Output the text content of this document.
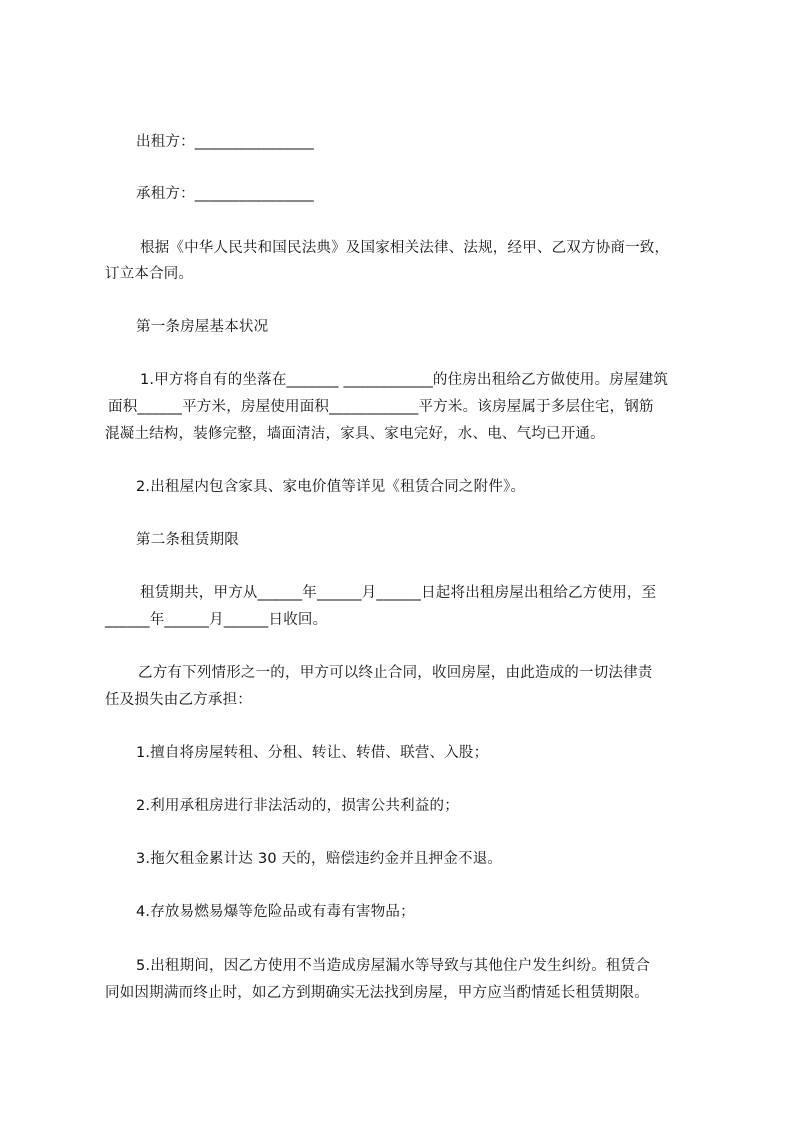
出租方：________________
承租方：________________
根据《中华人民共和国民法典》及国家相关法律、法规，经甲、乙双方协商一致，
订立本合同。
第一条房屋基本状况
1.甲方将自有的坐落在_______ ____________的住房出租给乙方做使用。房屋建筑
面积______平方米，房屋使用面积____________平方米。该房屋属于多层住宅，钢筋
混凝土结构，装修完整，墙面清洁，家具、家电完好，水、电、气均已开通。
2.出租屋内包含家具、家电价值等详见《租赁合同之附件》。
第二条租赁期限
租赁期共，甲方从______年______月______日起将出租房屋出租给乙方使用，至
______年______月______日收回。
乙方有下列情形之一的，甲方可以终止合同，收回房屋，由此造成的一切法律责
任及损失由乙方承担：
1.擅自将房屋转租、分租、转让、转借、联营、入股；
2.利用承租房进行非法活动的，损害公共利益的；
3.拖欠租金累计达 30 天的，赔偿违约金并且押金不退。
4.存放易燃易爆等危险品或有毒有害物品；
5.出租期间，因乙方使用不当造成房屋漏水等导致与其他住户发生纠纷。租赁合
同如因期满而终止时，如乙方到期确实无法找到房屋，甲方应当酌情延长租赁期限。
